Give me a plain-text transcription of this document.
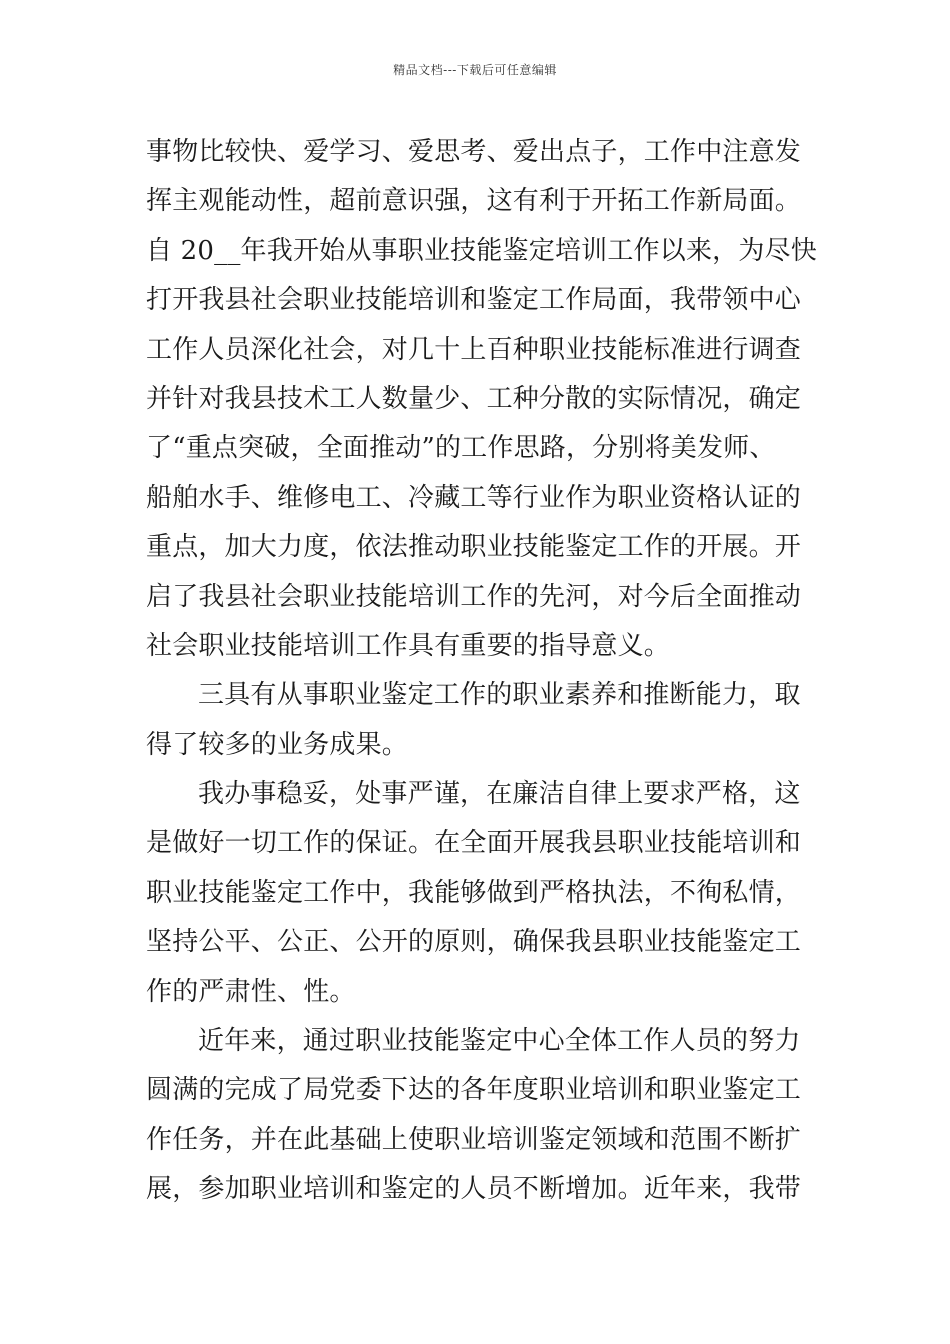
精品文档---下载后可任意编辑
事物比较快、爱学习、爱思考、爱出点子，工作中注意发
挥主观能动性，超前意识强，这有利于开拓工作新局面。
自 20__年我开始从事职业技能鉴定培训工作以来，为尽快
打开我县社会职业技能培训和鉴定工作局面，我带领中心
工作人员深化社会，对几十上百种职业技能标准进行调查
并针对我县技术工人数量少、工种分散的实际情况，确定
了“重点突破，全面推动”的工作思路，分别将美发师、
船舶水手、维修电工、冷藏工等行业作为职业资格认证的
重点，加大力度，依法推动职业技能鉴定工作的开展。开
启了我县社会职业技能培训工作的先河，对今后全面推动
社会职业技能培训工作具有重要的指导意义。
三具有从事职业鉴定工作的职业素养和推断能力，取
得了较多的业务成果。
我办事稳妥，处事严谨，在廉洁自律上要求严格，这
是做好一切工作的保证。在全面开展我县职业技能培训和
职业技能鉴定工作中，我能够做到严格执法，不徇私情，
坚持公平、公正、公开的原则，确保我县职业技能鉴定工
作的严肃性、性。
近年来，通过职业技能鉴定中心全体工作人员的努力
圆满的完成了局党委下达的各年度职业培训和职业鉴定工
作任务，并在此基础上使职业培训鉴定领域和范围不断扩
展，参加职业培训和鉴定的人员不断增加。近年来，我带
